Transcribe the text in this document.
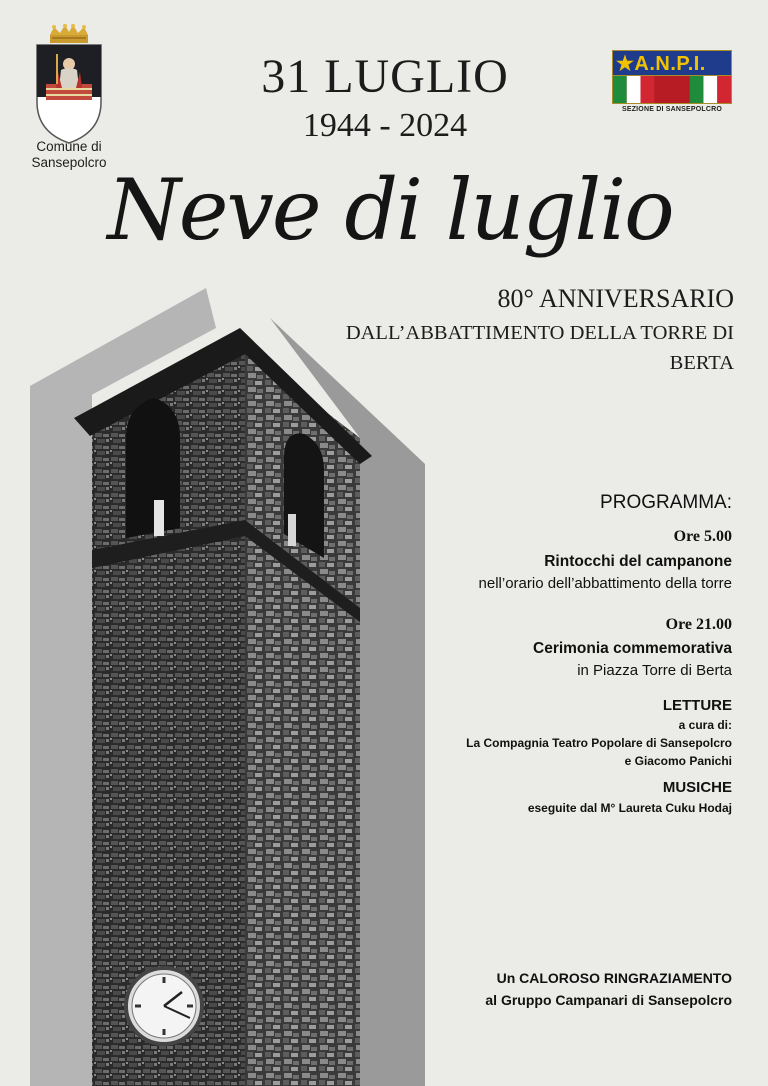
Comune di
Sansepolcro
★A.N.P.I.
SEZIONE DI SANSEPOLCRO
31 LUGLIO
1944 - 2024
Neve di luglio
80° ANNIVERSARIO
DALL’ABBATTIMENTO DELLA TORRE DI BERTA
PROGRAMMA:
Ore 5.00
Rintocchi del campanone
nell’orario dell’abbattimento della torre
Ore 21.00
Cerimonia commemorativa
in Piazza Torre di Berta
LETTURE
a cura di:
La Compagnia Teatro Popolare di Sansepolcro
e Giacomo Panichi
MUSICHE
eseguite dal M° Laureta Cuku Hodaj
Un CALOROSO RINGRAZIAMENTO
al Gruppo Campanari di Sansepolcro
